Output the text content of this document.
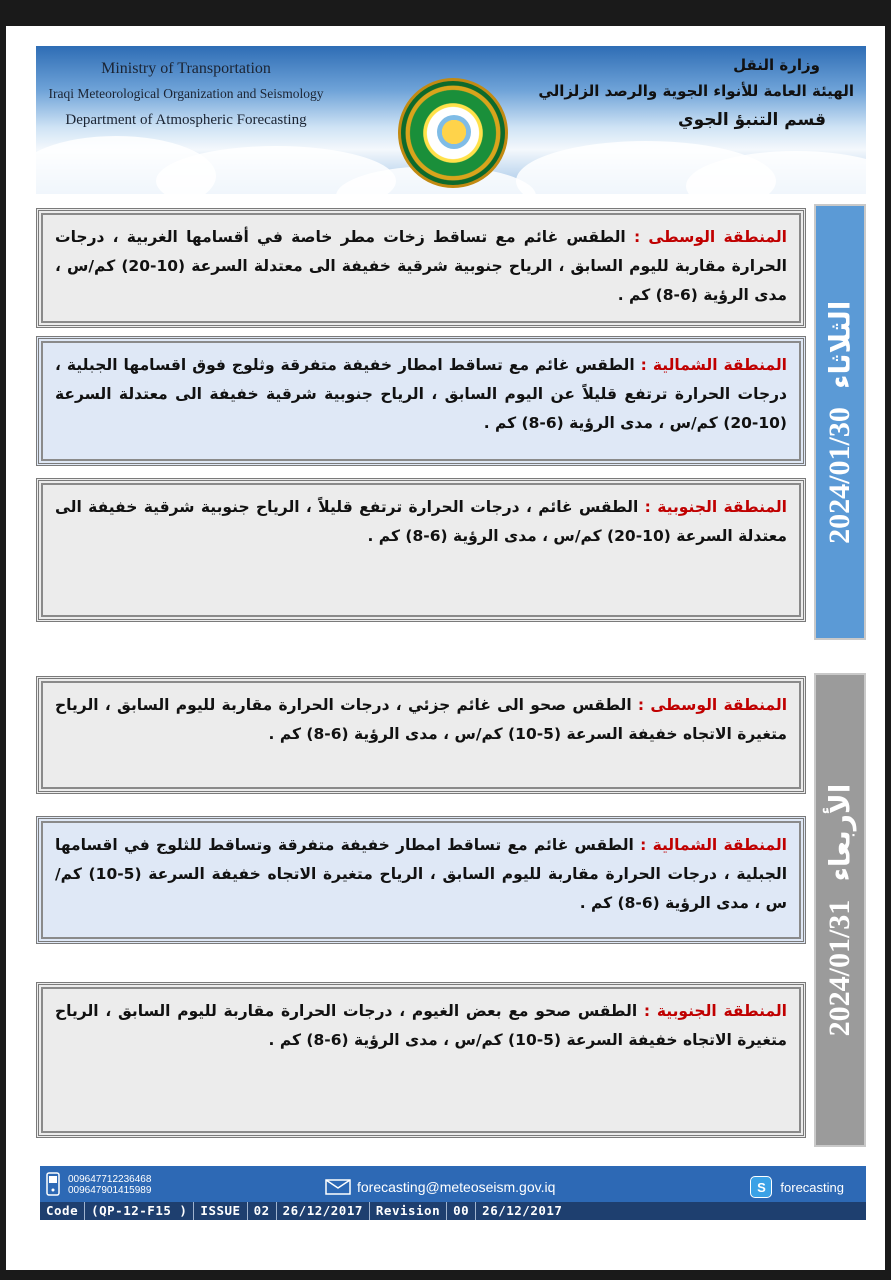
Ministry of Transportation
Iraqi Meteorological Organization and Seismology
Department of Atmospheric Forecasting
وزارة النقل
الهيئة العامة للأنواء الجوية والرصد الزلزالي
قسم التنبؤ الجوي
2024/01/30
الثلاثاء
المنطقة الوسطى : الطقس غائم مع تساقط زخات مطر خاصة في أقسامها الغربية ، درجات الحرارة مقاربة لليوم السابق ، الرياح جنوبية شرقية خفيفة الى معتدلة السرعة (10-20) كم/س ، مدى الرؤية (6-8) كم .
المنطقة الشمالية : الطقس غائم مع تساقط امطار خفيفة متفرقة وثلوج فوق اقسامها الجبلية ، درجات الحرارة ترتفع قليلاً عن اليوم السابق ، الرياح جنوبية شرقية خفيفة الى معتدلة السرعة (10-20) كم/س ، مدى الرؤية (6-8) كم .
المنطقة الجنوبية : الطقس غائم ، درجات الحرارة ترتفع قليلاً ، الرياح جنوبية شرقية خفيفة الى معتدلة السرعة (10-20) كم/س ، مدى الرؤية (6-8) كم .
2024/01/31
الأربعاء
المنطقة الوسطى : الطقس صحو الى غائم جزئي ، درجات الحرارة مقاربة لليوم السابق ، الرياح متغيرة الاتجاه خفيفة السرعة (5-10) كم/س ، مدى الرؤية (6-8) كم .
المنطقة الشمالية : الطقس غائم مع تساقط امطار خفيفة متفرقة وتساقط للثلوج في اقسامها الجبلية ، درجات الحرارة مقاربة لليوم السابق ، الرياح متغيرة الاتجاه خفيفة السرعة (5-10) كم/س ، مدى الرؤية (6-8) كم .
المنطقة الجنوبية : الطقس صحو مع بعض الغيوم ، درجات الحرارة مقاربة لليوم السابق ، الرياح متغيرة الاتجاه خفيفة السرعة (5-10) كم/س ، مدى الرؤية (6-8) كم .
009647712236468
009647901415989	forecasting@meteoseism.gov.iq	S	forecasting
Code	(QP-12-F15 )	ISSUE	02	26/12/2017	Revision	00	26/12/2017
